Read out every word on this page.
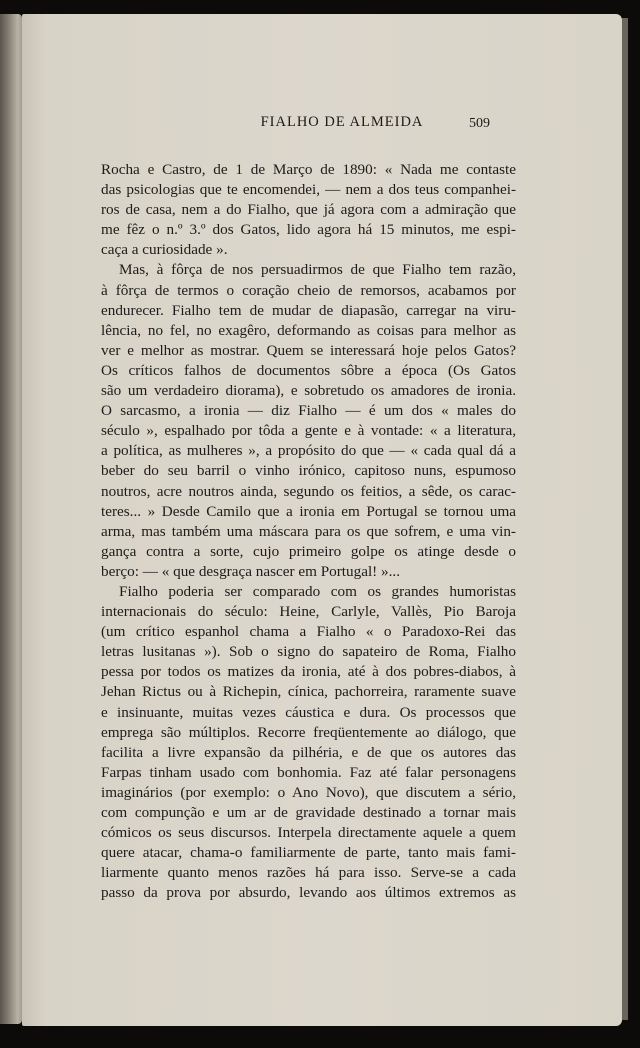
FIALHO DE ALMEIDA	509
Rocha e Castro, de 1 de Março de 1890: « Nada me contaste
das psicologias que te encomendei, — nem a dos teus companhei-
ros de casa, nem a do Fialho, que já agora com a admiração que
me fêz o n.º 3.º dos Gatos, lido agora há 15 minutos, me espi-
caça a curiosidade ».
Mas, à fôrça de nos persuadirmos de que Fialho tem razão,
à fôrça de termos o coração cheio de remorsos, acabamos por
endurecer. Fialho tem de mudar de diapasão, carregar na viru-
lência, no fel, no exagêro, deformando as coisas para melhor as
ver e melhor as mostrar. Quem se interessará hoje pelos Gatos?
Os críticos falhos de documentos sôbre a época (Os Gatos
são um verdadeiro diorama), e sobretudo os amadores de ironia.
O sarcasmo, a ironia — diz Fialho — é um dos « males do
século », espalhado por tôda a gente e à vontade: « a literatura,
a política, as mulheres », a propósito do que — « cada qual dá a
beber do seu barril o vinho irónico, capitoso nuns, espumoso
noutros, acre noutros ainda, segundo os feitios, a sêde, os carac-
teres... » Desde Camilo que a ironia em Portugal se tornou uma
arma, mas também uma máscara para os que sofrem, e uma vin-
gança contra a sorte, cujo primeiro golpe os atinge desde o
berço: — « que desgraça nascer em Portugal! »...
Fialho poderia ser comparado com os grandes humoristas
internacionais do século: Heine, Carlyle, Vallès, Pio Baroja
(um crítico espanhol chama a Fialho « o Paradoxo-Rei das
letras lusitanas »). Sob o signo do sapateiro de Roma, Fialho
pessa por todos os matizes da ironia, até à dos pobres-diabos, à
Jehan Rictus ou à Richepin, cínica, pachorreira, raramente suave
e insinuante, muitas vezes cáustica e dura. Os processos que
emprega são múltiplos. Recorre freqüentemente ao diálogo, que
facilita a livre expansão da pilhéria, e de que os autores das
Farpas tinham usado com bonhomia. Faz até falar personagens
imaginários (por exemplo: o Ano Novo), que discutem a sério,
com compunção e um ar de gravidade destinado a tornar mais
cómicos os seus discursos. Interpela directamente aquele a quem
quere atacar, chama-o familiarmente de parte, tanto mais fami-
liarmente quanto menos razões há para isso. Serve-se a cada
passo da prova por absurdo, levando aos últimos extremos as
